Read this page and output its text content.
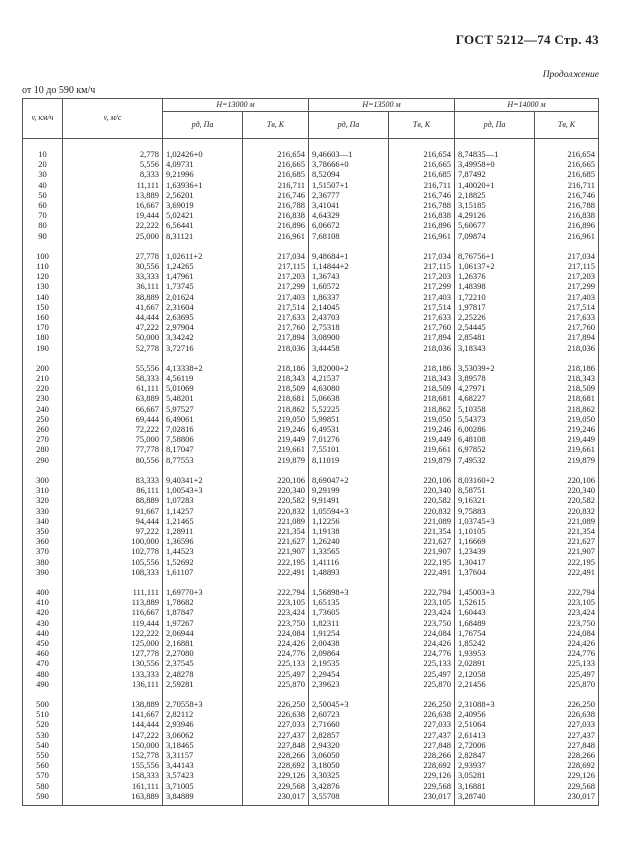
ГОСТ 5212—74 Стр. 43
Продолжение
от 10 до 590 км/ч
v, км/ч	v, м/с	H=13000 м		H=13500 м		H=14000 м	
		pд, Па	Tв, К	pд, Па	Tв, К	pд, Па	Tв, К

10	2,778	1,02426+0	216,654	9,46603—1	216,654	8,74835—1	216,654
20	5,556	4,09731	216,665	3,78666+0	216,665	3,49958+0	216,665
30	8,333	9,21996	216,685	8,52094	216,685	7,87492	216,685
40	11,111	1,63936+1	216,711	1,51507+1	216,711	1,40020+1	216,711
50	13,889	2,56201	216,746	2,36777	216,746	2,18825	216,746
60	16,667	3,69019	216,788	3,41041	216,788	3,15185	216,788
70	19,444	5,02421	216,838	4,64329	216,838	4,29126	216,838
80	22,222	6,56441	216,896	6,06672	216,896	5,60677	216,896
90	25,000	8,31121	216,961	7,68108	216,961	7,09874	216,961

100	27,778	1,02611+2	217,034	9,48684+1	217,034	8,76756+1	217,034
110	30,556	1,24265	217,115	1,14844+2	217,115	1,06137+2	217,115
120	33,333	1,47961	217,203	1,36743	217,203	1,26376	217,203
130	36,111	1,73745	217,299	1,60572	217,299	1,48398	217,299
140	38,889	2,01624	217,403	1,86337	217,403	1,72210	217,403
150	41,667	2,31604	217,514	2,14045	217,514	1,97817	217,514
160	44,444	2,63695	217,633	2,43703	217,633	2,25226	217,633
170	47,222	2,97904	217,760	2,75318	217,760	2,54445	217,760
180	50,000	3,34242	217,894	3,08900	217,894	2,85481	217,894
190	52,778	3,72716	218,036	3,44458	218,036	3,18343	218,036

200	55,556	4,13338+2	218,186	3,82000+2	218,186	3,53039+2	218,186
210	58,333	4,56119	218,343	4,21537	218,343	3,89578	218,343
220	61,111	5,01069	218,509	4,63080	218,509	4,27971	218,509
230	63,889	5,48201	218,681	5,06638	218,681	4,68227	218,681
240	66,667	5,97527	218,862	5,52225	218,862	5,10358	218,862
250	69,444	6,49061	219,050	5,99851	219,050	5,54373	219,050
260	72,222	7,02816	219,246	6,49531	219,246	6,00286	219,246
270	75,000	7,58806	219,449	7,01276	219,449	6,48108	219,449
280	77,778	8,17047	219,661	7,55101	219,661	6,97852	219,661
290	80,556	8,77553	219,879	8,11019	219,879	7,49532	219,879

300	83,333	9,40341+2	220,106	8,69047+2	220,106	8,03160+2	220,106
310	86,111	1,00543+3	220,340	9,29199	220,340	8,58751	220,340
320	88,889	1,07283	220,582	9,91491	220,582	9,16321	220,582
330	91,667	1,14257	220,832	1,05594+3	220,832	9,75883	220,832
340	94,444	1,21465	221,089	1,12256	221,089	1,03745+3	221,089
350	97,222	1,28911	221,354	1,19138	221,354	1,10105	221,354
360	100,000	1,36596	221,627	1,26240	221,627	1,16669	221,627
370	102,778	1,44523	221,907	1,33565	221,907	1,23439	221,907
380	105,556	1,52692	222,195	1,41116	222,195	1,30417	222,195
390	108,333	1,61107	222,491	1,48893	222,491	1,37604	222,491

400	111,111	1,69770+3	222,794	1,56898+3	222,794	1,45003+3	222,794
410	113,889	1,78682	223,105	1,65135	223,105	1,52615	223,105
420	116,667	1,87847	223,424	1,73605	223,424	1,60443	223,424
430	119,444	1,97267	223,750	1,82311	223,750	1,68489	223,750
440	122,222	2,06944	224,084	1,91254	224,084	1,76754	224,084
450	125,000	2,16881	224,426	2,00438	224,426	1,85242	224,426
460	127,778	2,27080	224,776	2,09864	224,776	1,93953	224,776
470	130,556	2,37545	225,133	2,19535	225,133	2,02891	225,133
480	133,333	2,48278	225,497	2,29454	225,497	2,12058	225,497
490	136,111	2,59281	225,870	2,39623	225,870	2,21456	225,870

500	138,889	2,70558+3	226,250	2,50045+3	226,250	2,31088+3	226,250
510	141,667	2,82112	226,638	2,60723	226,638	2,40956	226,638
520	144,444	2,93946	227,033	2,71660	227,033	2,51064	227,033
530	147,222	3,06062	227,437	2,82857	227,437	2,61413	227,437
540	150,000	3,18465	227,848	2,94320	227,848	2,72006	227,848
550	152,778	3,31157	228,266	3,06050	228,266	2,82847	228,266
560	155,556	3,44143	228,692	3,18050	228,692	2,93937	228,692
570	158,333	3,57423	229,126	3,30325	229,126	3,05281	229,126
580	161,111	3,71005	229,568	3,42876	229,568	3,16881	229,568
590	163,889	3,84889	230,017	3,55708	230,017	3,28740	230,017
